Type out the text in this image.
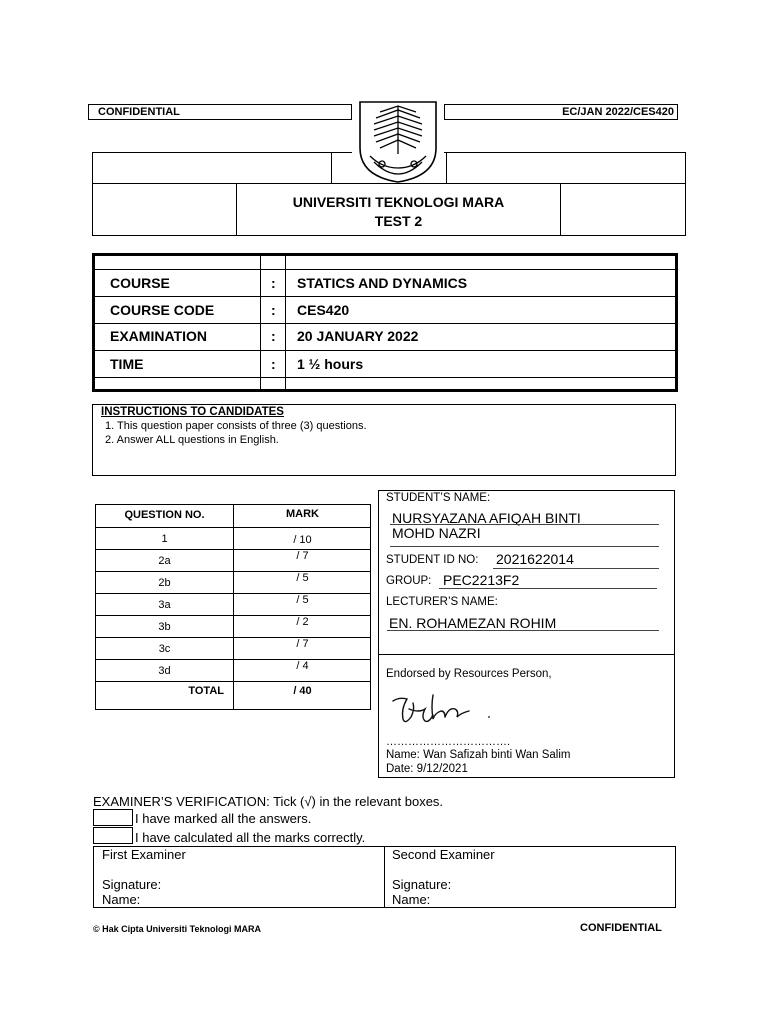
CONFIDENTIAL	EC/JAN 2022/CES420
UNIVERSITI TEKNOLOGI MARA
TEST 2
COURSE	: STATICS AND DYNAMICS
COURSE CODE	: CES420
EXAMINATION	: 20 JANUARY 2022
TIME	: 1 ½ hours
INSTRUCTIONS TO CANDIDATES
1. This question paper consists of three (3) questions.
2. Answer ALL questions in English.
QUESTION NO.	MARK
1	/ 10
2a	/ 7
2b	/ 5
3a	/ 5
3b	/ 2
3c	/ 7
3d	/ 4
TOTAL	/ 40
STUDENT’S NAME:
NURSYAZANA AFIQAH BINTI
MOHD NAZRI
STUDENT ID NO: 2021622014
GROUP: PEC2213F2
LECTURER’S NAME:
EN. ROHAMEZAN ROHIM
Endorsed by Resources Person,
…………………………….
Name: Wan Safizah binti Wan Salim
Date: 9/12/2021
EXAMINER’S VERIFICATION: Tick (√) in the relevant boxes.
I have marked all the answers.
I have calculated all the marks correctly.
First Examiner
Signature:
Name:
Second Examiner
Signature:
Name:
© Hak Cipta Universiti Teknologi MARA	CONFIDENTIAL
